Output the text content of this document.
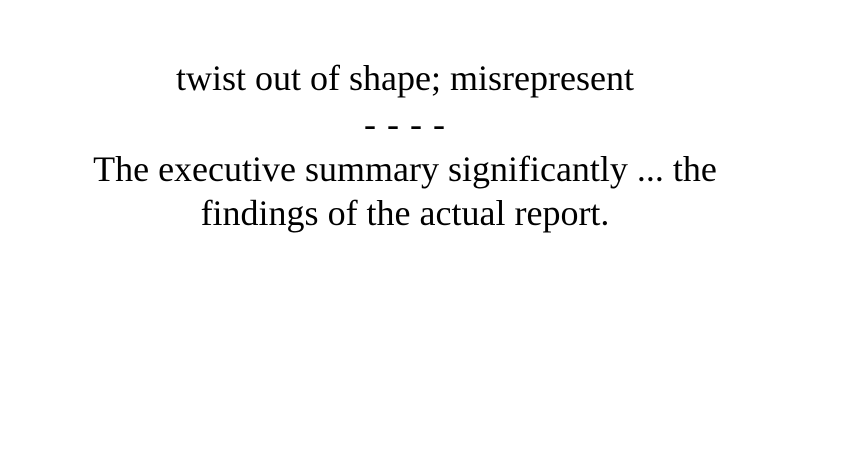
twist out of shape; misrepresent

- - - -

The executive summary significantly ... the findings of the actual report.
